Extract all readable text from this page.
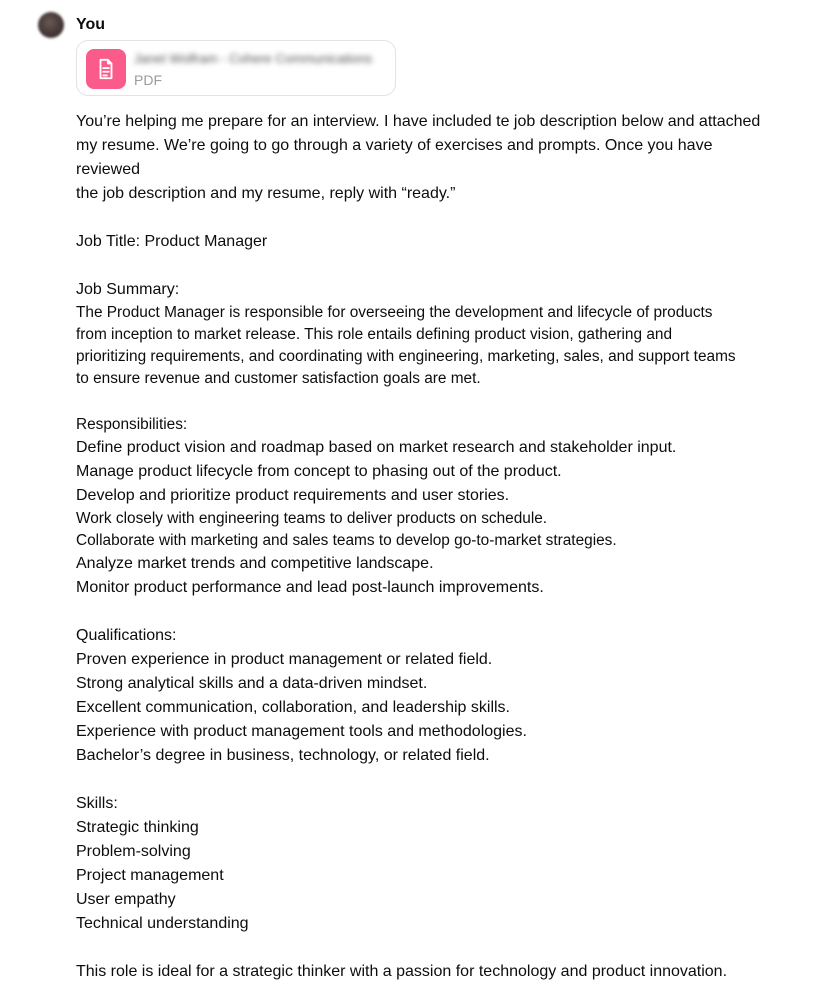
You
Janet Wolfram - Cohere Communications
PDF

You’re helping me prepare for an interview. I have included te job description below and attached
my resume. We’re going to go through a variety of exercises and prompts. Once you have reviewed
the job description and my resume, reply with “ready.”

Job Title: Product Manager

Job Summary:

The Product Manager is responsible for overseeing the development and lifecycle of products
from inception to market release. This role entails defining product vision, gathering and
prioritizing requirements, and coordinating with engineering, marketing, sales, and support teams
to ensure revenue and customer satisfaction goals are met.

Responsibilities:

Define product vision and roadmap based on market research and stakeholder input.
Manage product lifecycle from concept to phasing out of the product.
Develop and prioritize product requirements and user stories.
Work closely with engineering teams to deliver products on schedule.
Collaborate with marketing and sales teams to develop go-to-market strategies.
Analyze market trends and competitive landscape.
Monitor product performance and lead post-launch improvements.

Qualifications:

Proven experience in product management or related field.
Strong analytical skills and a data-driven mindset.
Excellent communication, collaboration, and leadership skills.
Experience with product management tools and methodologies.
Bachelor’s degree in business, technology, or related field.

Skills:

Strategic thinking
Problem-solving
Project management
User empathy
Technical understanding

This role is ideal for a strategic thinker with a passion for technology and product innovation.
